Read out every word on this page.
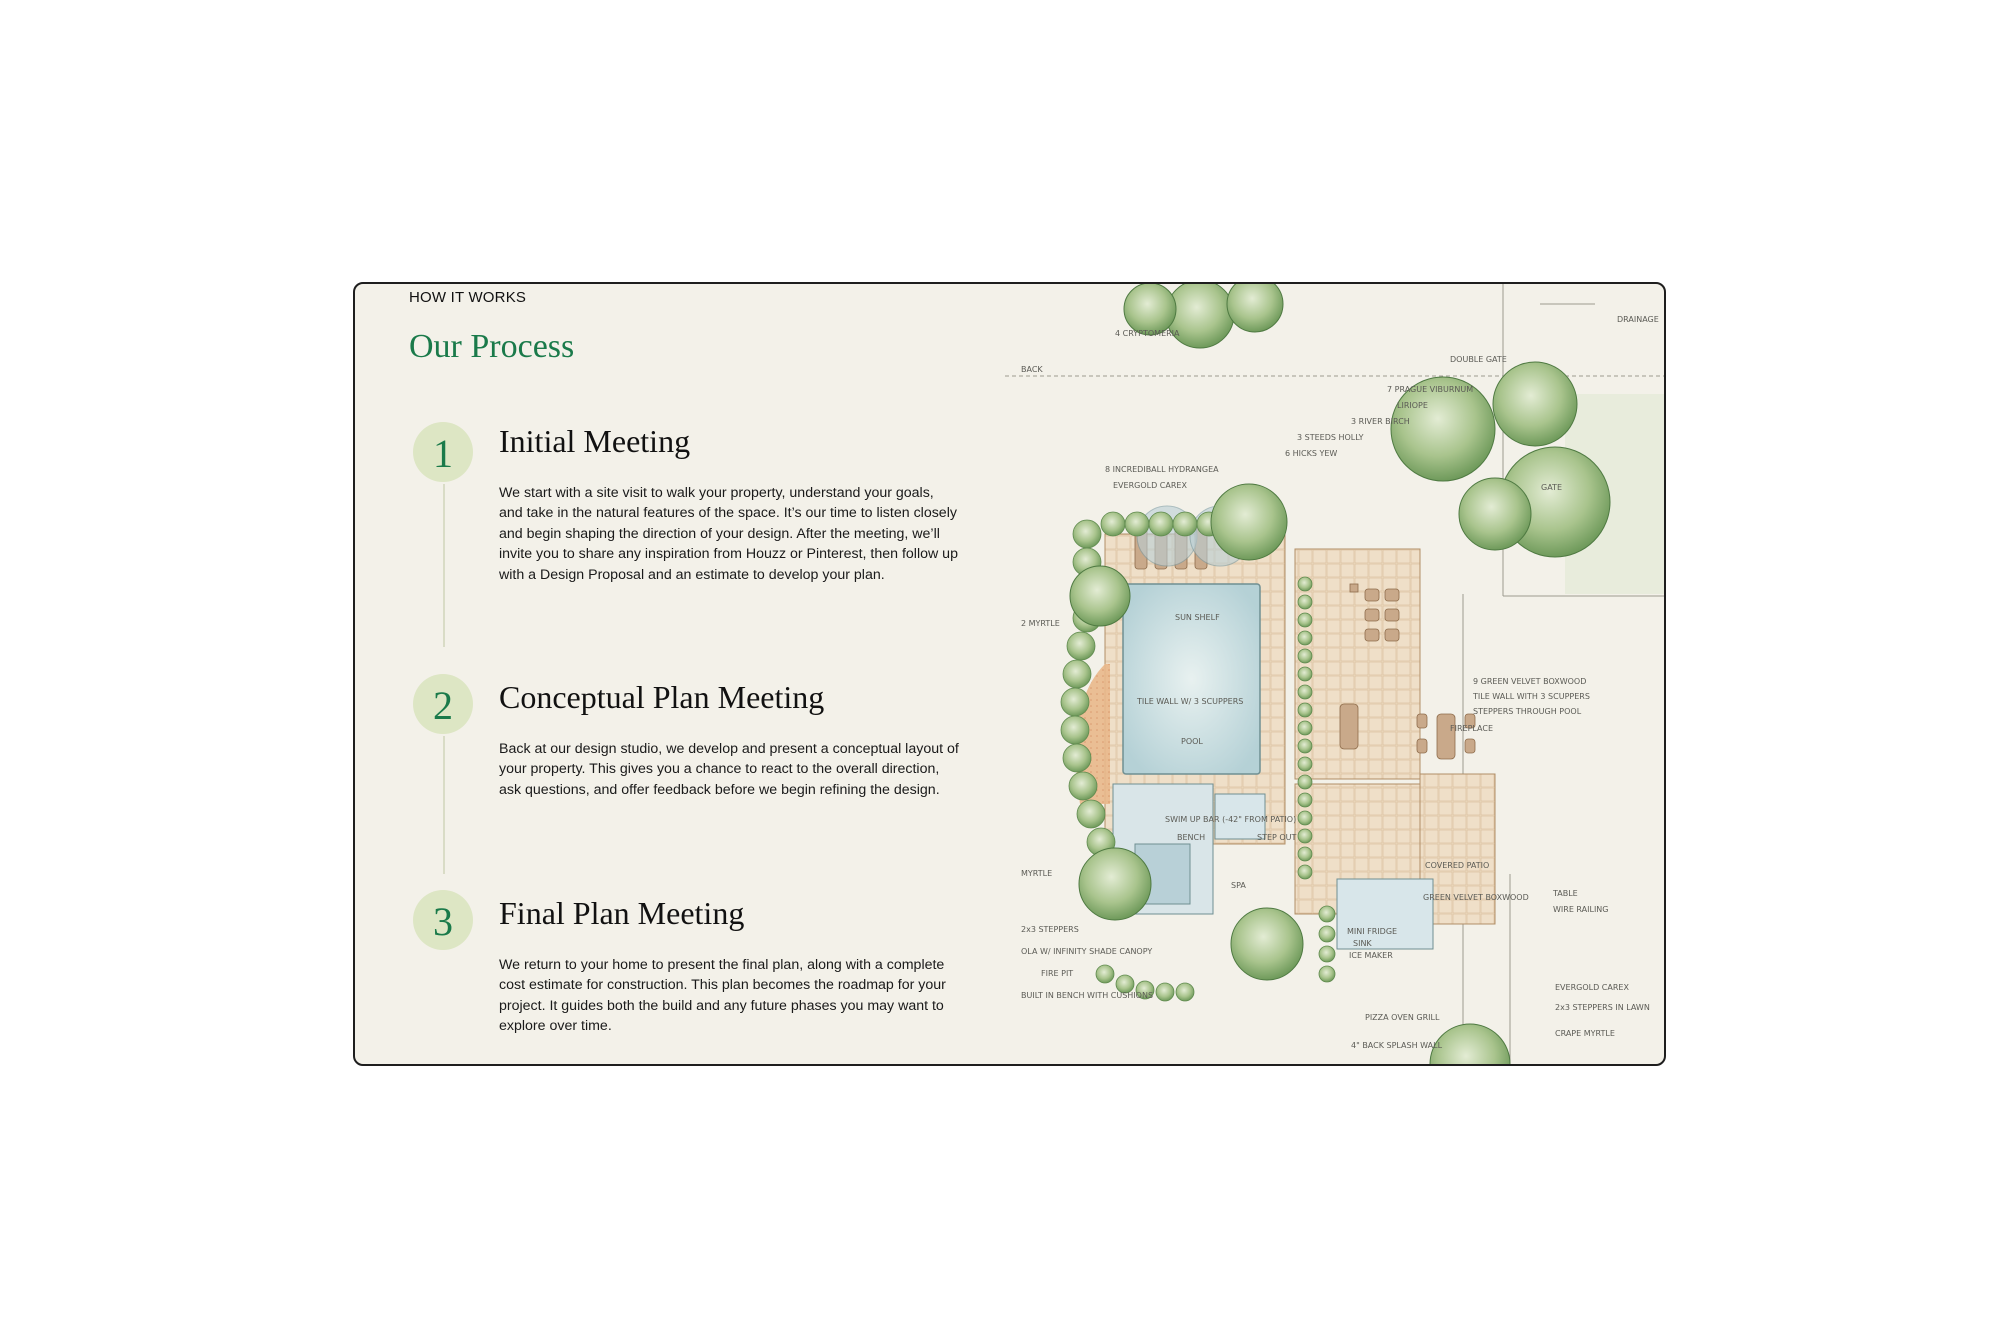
HOW IT WORKS
Our Process
1	Initial Meeting

We start with a site visit to walk your property, understand your goals, and take in the natural features of the space. It’s our time to listen closely and begin shaping the direction of your design. After the meeting, we’ll invite you to share any inspiration from Houzz or Pinterest, then follow up with a Design Proposal and an estimate to develop your plan.

2	Conceptual Plan Meeting

Back at our design studio, we develop and present a conceptual layout of your property. This gives you a chance to react to the overall direction, ask questions, and offer feedback before we begin refining the design.

3	Final Plan Meeting

We return to your home to present the final plan, along with a complete cost estimate for construction. This plan becomes the roadmap for your project. It guides both the build and any future phases you may want to explore over time.

4 CRYPTOMERIA
DRAINAGE
BACK
DOUBLE GATE
7 PRAGUE VIBURNUM
LIRIOPE
3 RIVER BIRCH
3 STEEDS HOLLY
6 HICKS YEW
8 INCREDIBALL HYDRANGEA
EVERGOLD CAREX	GATE
2 MYRTLE
SUN SHELF
TILE WALL W/ 3 SCUPPERS
POOL
SWIM UP BAR (-42" FROM PATIO)
BENCH	STEP OUT
SPA
9 GREEN VELVET BOXWOOD
TILE WALL WITH 3 SCUPPERS
STEPPERS THROUGH POOL
FIREPLACE
COVERED PATIO
GREEN VELVET BOXWOOD	TABLE
WIRE RAILING
MINI FRIDGE
SINK
ICE MAKER
2x3 STEPPERS
OLA W/ INFINITY SHADE CANOPY
FIRE PIT
BUILT IN BENCH WITH CUSHIONS
PIZZA OVEN GRILL
4" BACK SPLASH WALL
EVERGOLD CAREX
2x3 STEPPERS IN LAWN
CRAPE MYRTLE
MYRTLE
